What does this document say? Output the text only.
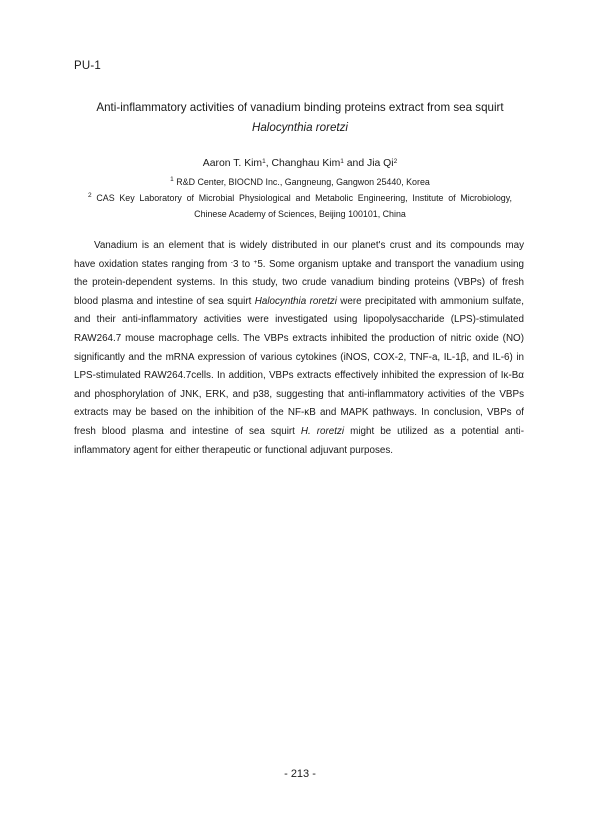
PU-1
Anti-inflammatory activities of vanadium binding proteins extract from sea squirt
Halocynthia roretzi
Aaron T. Kim$^1$, Changhau Kim$^1$ and Jia Qi$^2$
$^1$ R&D Center, BIOCND Inc., Gangneung, Gangwon 25440, Korea
$^2$ CAS Key Laboratory of Microbial Physiological and Metabolic Engineering, Institute of Microbiology, Chinese Academy of Sciences, Beijing 100101, China

Vanadium is an element that is widely distributed in our planet's crust and its compounds may have oxidation states ranging from -3 to +5. Some organism uptake and transport the vanadium using the protein-dependent systems. In this study, two crude vanadium binding proteins (VBPs) of fresh blood plasma and intestine of sea squirt Halocynthia roretzi were precipitated with ammonium sulfate, and their anti-inflammatory activities were investigated using lipopolysaccharide (LPS)-stimulated RAW264.7 mouse macrophage cells. The VBPs extracts inhibited the production of nitric oxide (NO) significantly and the mRNA expression of various cytokines (iNOS, COX-2, TNF-a, IL-1β, and IL-6) in LPS-stimulated RAW264.7cells. In addition, VBPs extracts effectively inhibited the expression of Iκ-Bα and phosphorylation of JNK, ERK, and p38, suggesting that anti-inflammatory activities of the VBPs extracts may be based on the inhibition of the NF-κB and MAPK pathways. In conclusion, VBPs of fresh blood plasma and intestine of sea squirt H. roretzi might be utilized as a potential anti-inflammatory agent for either therapeutic or functional adjuvant purposes.

- 213 -
